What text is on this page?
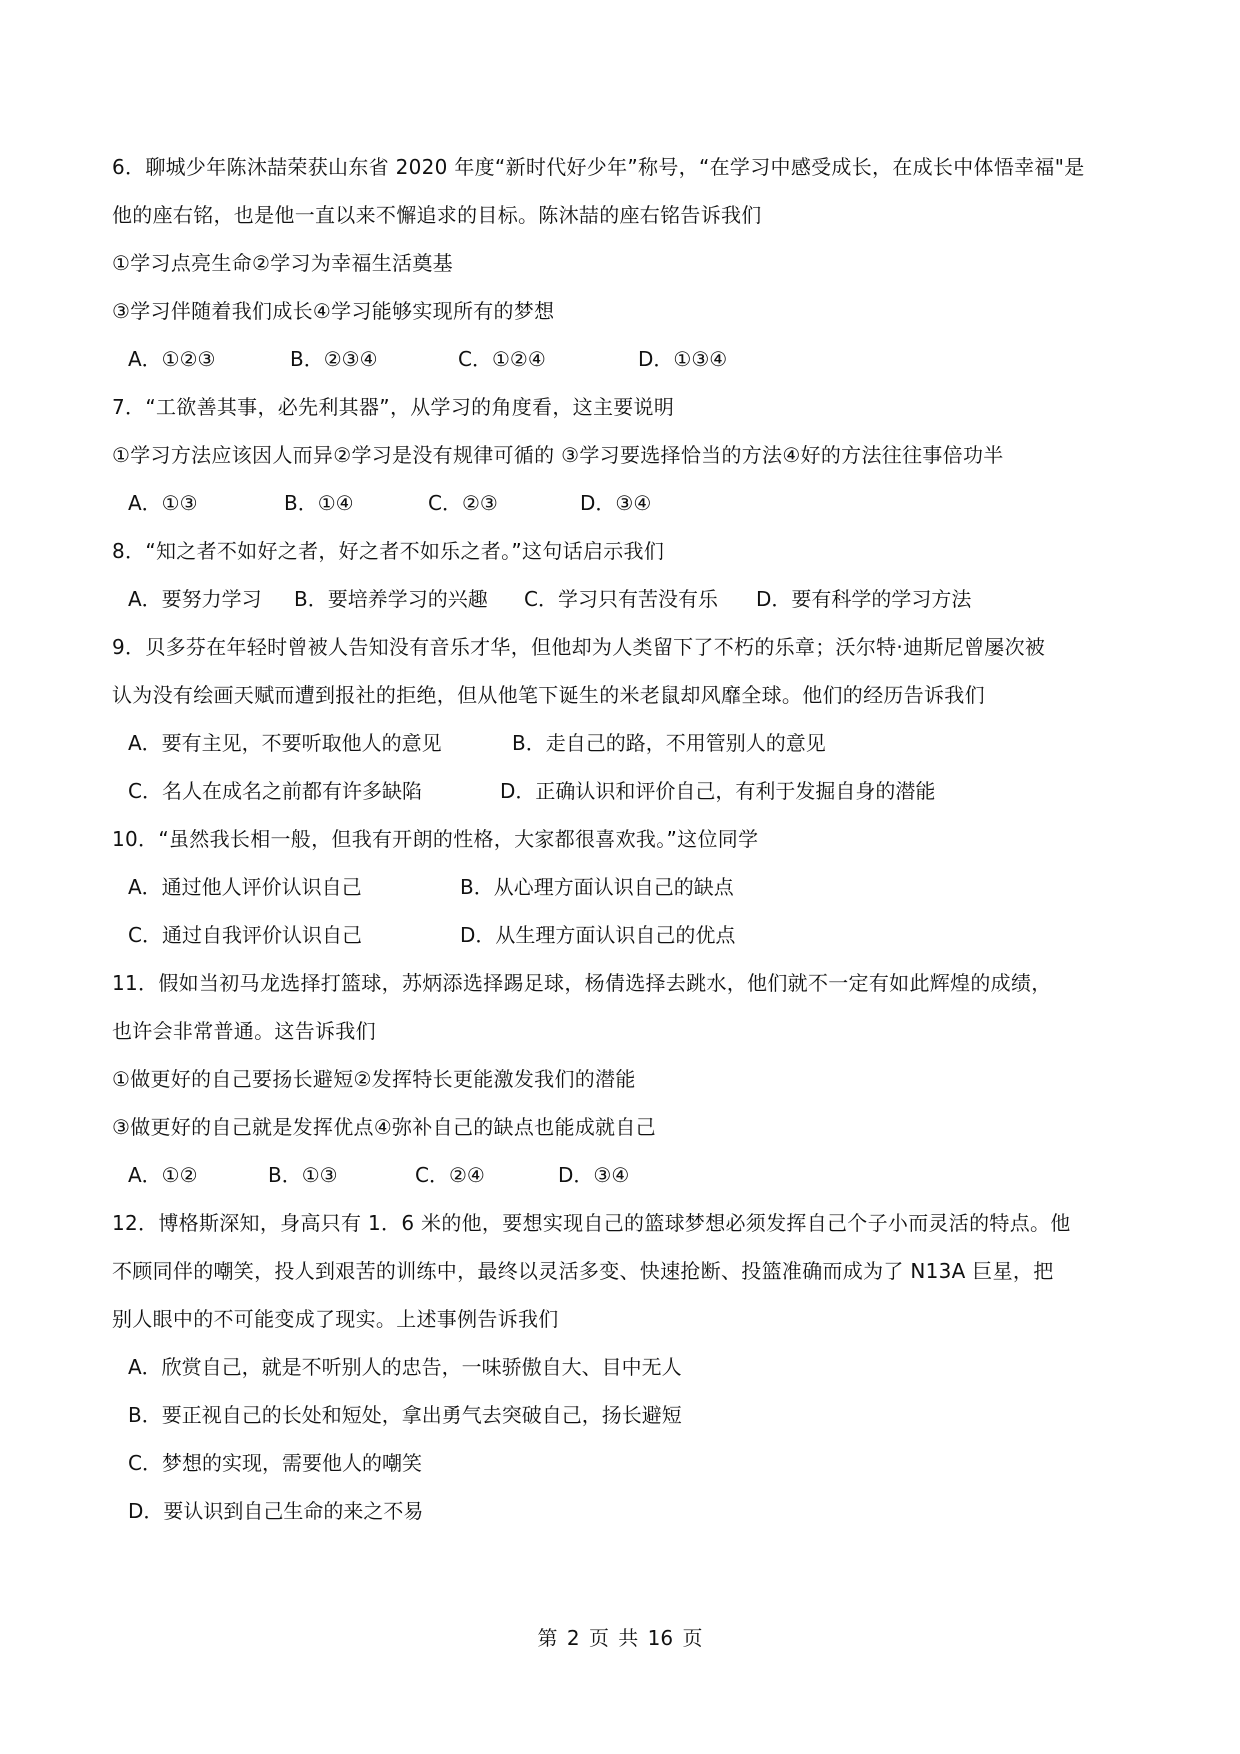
6．聊城少年陈沐喆荣获山东省 2020 年度“新时代好少年”称号，“在学习中感受成长，在成长中体悟幸福"是
他的座右铭，也是他一直以来不懈追求的目标。陈沐喆的座右铭告诉我们
①学习点亮生命②学习为幸福生活奠基
③学习伴随着我们成长④学习能够实现所有的梦想
A．①②③	B．②③④	C．①②④	D．①③④
7．“工欲善其事，必先利其器”，从学习的角度看，这主要说明
①学习方法应该因人而异②学习是没有规律可循的 ③学习要选择恰当的方法④好的方法往往事倍功半
A．①③	B．①④	C．②③	D．③④
8．“知之者不如好之者，好之者不如乐之者。”这句话启示我们
A．要努力学习 B．要培养学习的兴趣 C．学习只有苦没有乐 D．要有科学的学习方法
9．贝多芬在年轻时曾被人告知没有音乐才华，但他却为人类留下了不朽的乐章；沃尔特·迪斯尼曾屡次被
认为没有绘画天赋而遭到报社的拒绝，但从他笔下诞生的米老鼠却风靡全球。他们的经历告诉我们
A．要有主见，不要听取他人的意见	B．走自己的路，不用管别人的意见
C．名人在成名之前都有许多缺陷	D．正确认识和评价自己，有利于发掘自身的潜能
10．“虽然我长相一般，但我有开朗的性格，大家都很喜欢我。”这位同学
A．通过他人评价认识自己	B．从心理方面认识自己的缺点
C．通过自我评价认识自己	D．从生理方面认识自己的优点
11．假如当初马龙选择打篮球，苏炳添选择踢足球，杨倩选择去跳水，他们就不一定有如此辉煌的成绩，
也许会非常普通。这告诉我们
①做更好的自己要扬长避短②发挥特长更能激发我们的潜能
③做更好的自己就是发挥优点④弥补自己的缺点也能成就自己
A．①②	B．①③	C．②④	D．③④
12．博格斯深知，身高只有 1．6 米的他，要想实现自己的篮球梦想必须发挥自己个子小而灵活的特点。他
不顾同伴的嘲笑，投人到艰苦的训练中，最终以灵活多变、快速抢断、投篮准确而成为了 N13A 巨星，把
别人眼中的不可能变成了现实。上述事例告诉我们
A．欣赏自己，就是不听别人的忠告，一味骄傲自大、目中无人
B．要正视自己的长处和短处，拿出勇气去突破自己，扬长避短
C．梦想的实现，需要他人的嘲笑
D．要认识到自己生命的来之不易
第 2 页 共 16 页
